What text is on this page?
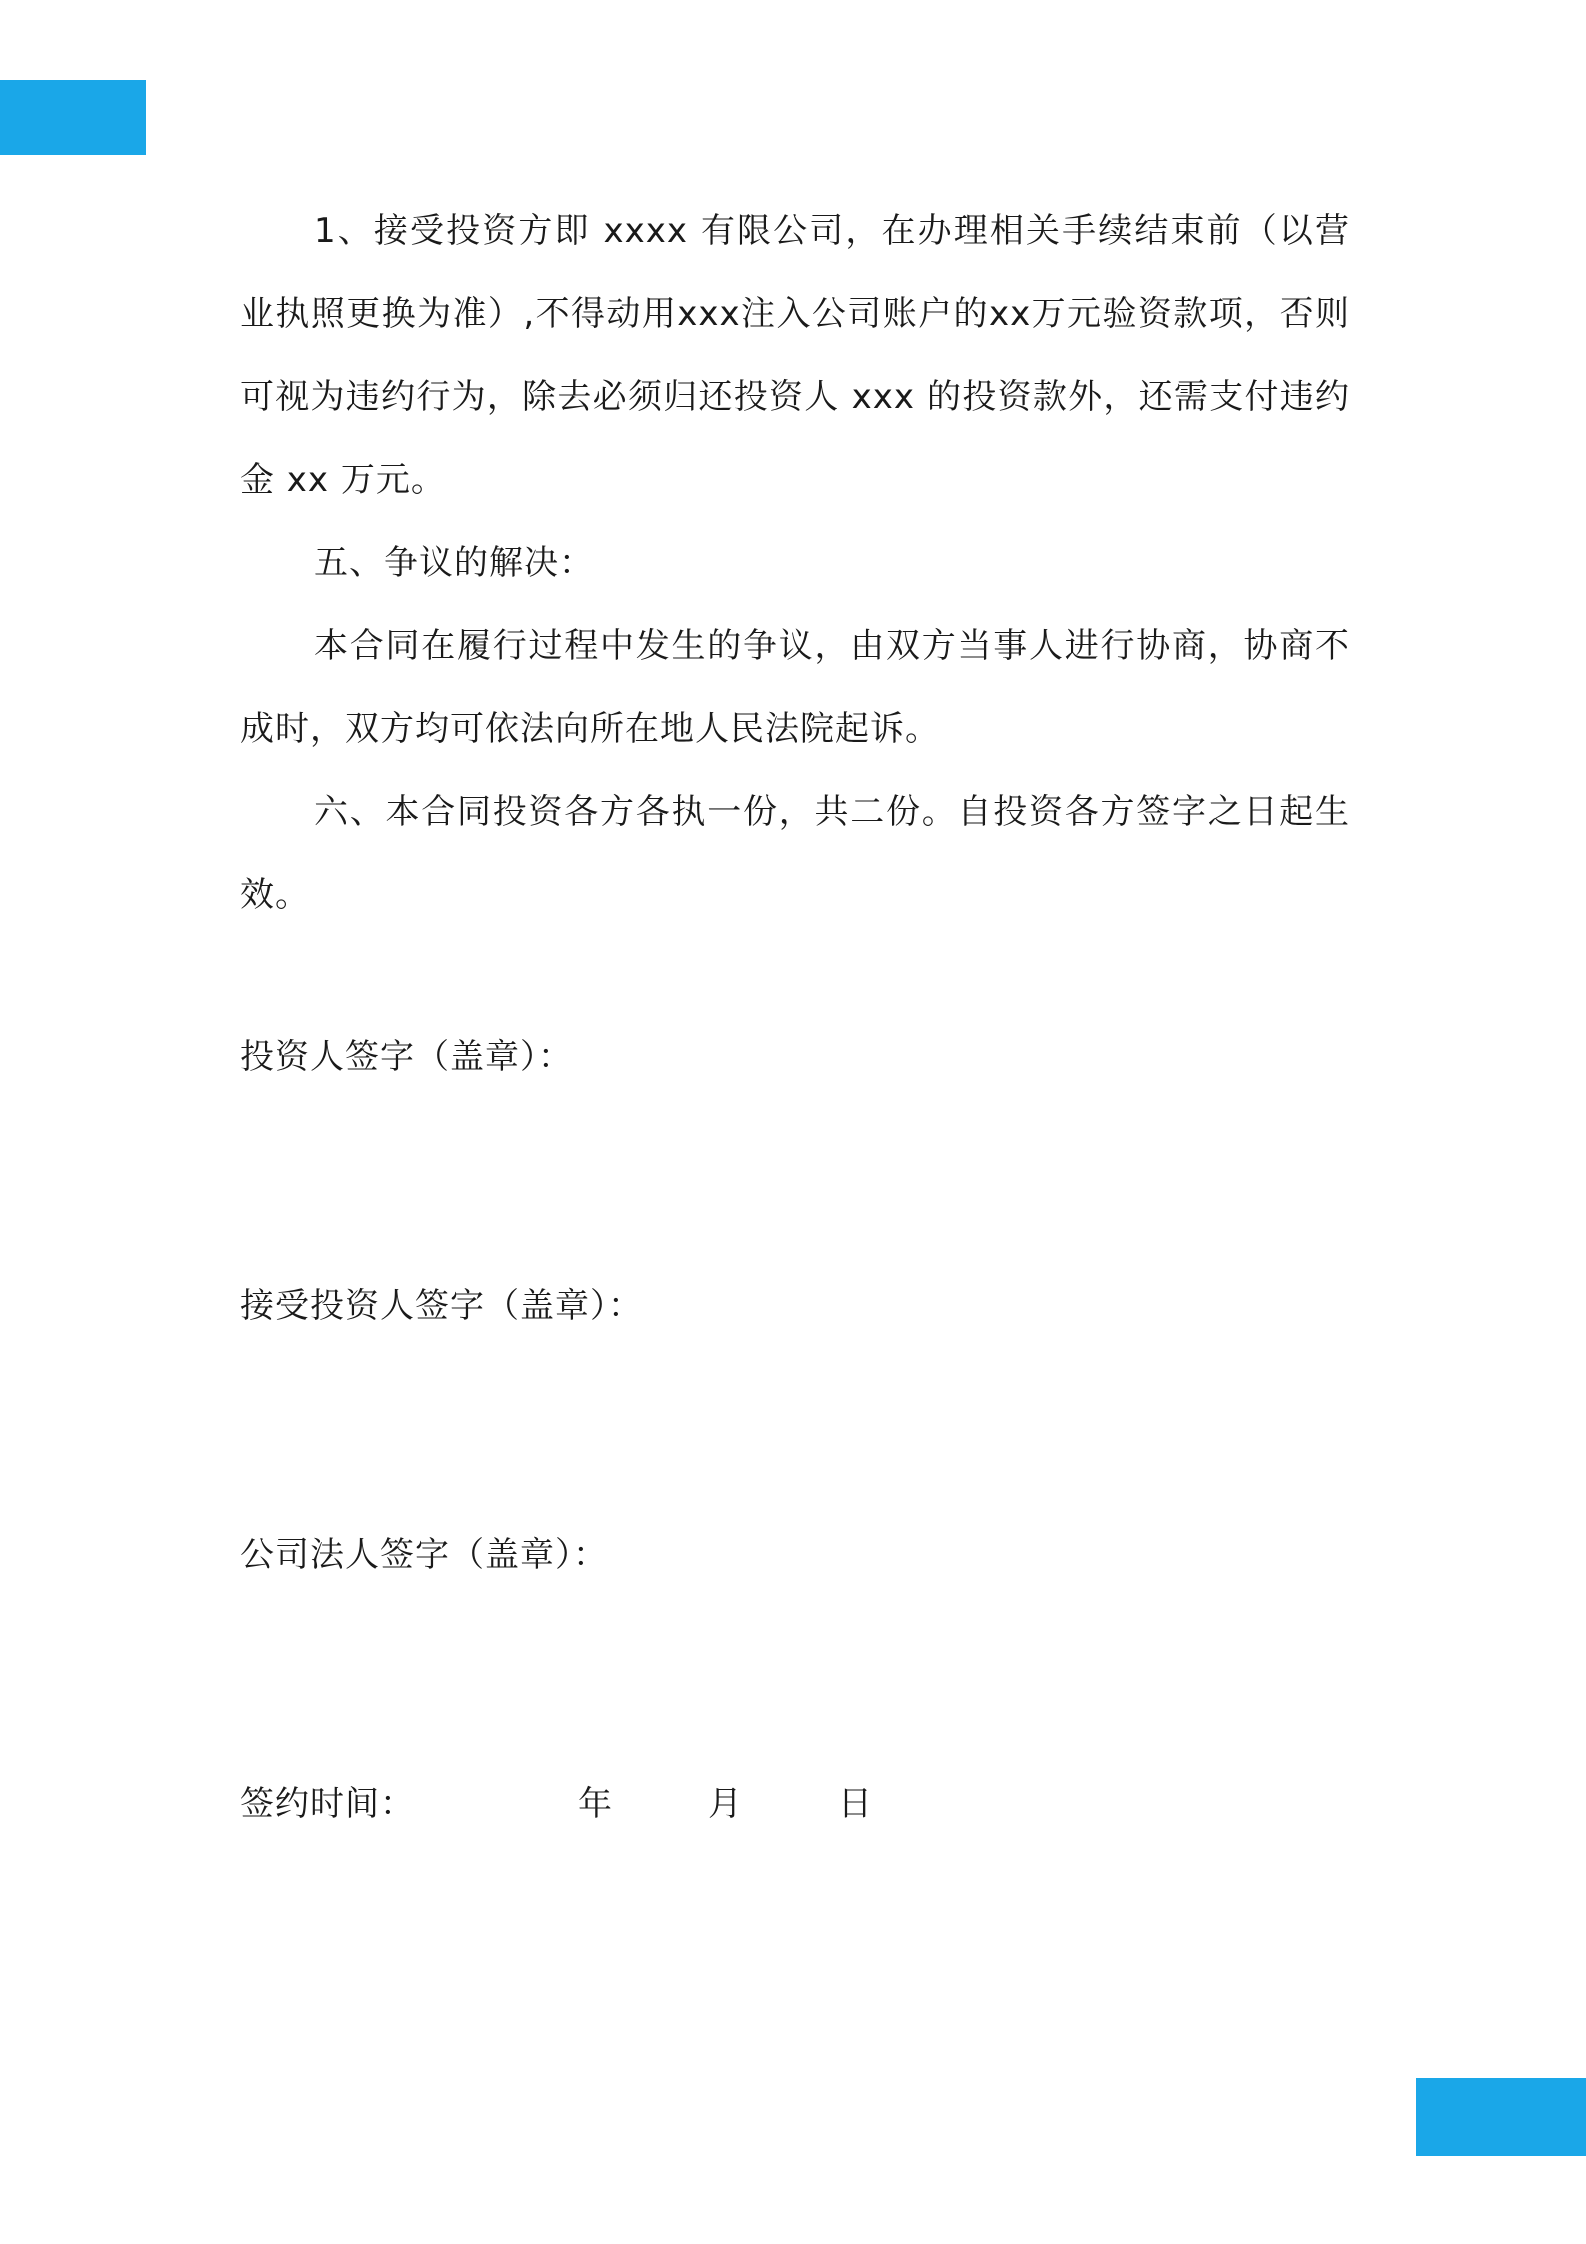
1、接受投资方即 xxxx 有限公司，在办理相关手续结束前（以营业执照更换为准）,不得动用xxx注入公司账户的xx万元验资款项，否则可视为违约行为，除去必须归还投资人 xxx 的投资款外，还需支付违约金 xx 万元。

五、争议的解决：

本合同在履行过程中发生的争议，由双方当事人进行协商，协商不成时，双方均可依法向所在地人民法院起诉。

六、本合同投资各方各执一份，共二份。自投资各方签字之日起生效。

投资人签字（盖章）：
接受投资人签字（盖章）：
公司法人签字（盖章）：
签约时间：	年	月	日
